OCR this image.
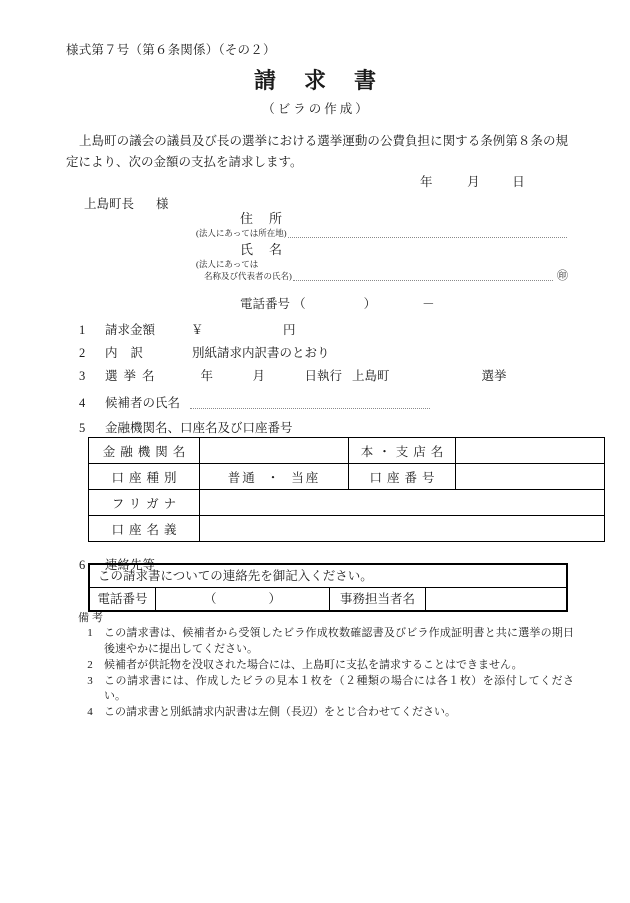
様式第７号（第６条関係）（その２）
請求書
（ビラの作成）
上島町の議会の議員及び長の選挙における選挙運動の公費負担に関する条例第８条の規定により、次の金額の支払を請求します。
年	月	日
上島町長 様
住所
(法人にあっては所在地)
氏名
(法人にあっては
名称及び代表者の氏名)	㊞
電話番号 （	）	－
1 請求金額	￥	円
2 内訳	別紙請求内訳書のとおり
3 選挙名	年	月	日執行 上島町	選挙
4	候補者の氏名
5 金融機関名、口座名及び口座番号
金融機関名		本・支店名	
口座種別	普通 ・ 当座	口座番号	
フリガナ			
口座名義			
6 連絡先等
この請求書についての連絡先を御記入ください。
電話番号	（	）	事務担当者名
備考
1	この請求書は、候補者から受領したビラ作成枚数確認書及びビラ作成証明書と共に選挙の期日後速やかに提出してください。
2	候補者が供託物を没収された場合には、上島町に支払を請求することはできません。
3	この請求書には、作成したビラの見本１枚を（２種類の場合には各１枚）を添付してください。
4	この請求書と別紙請求内訳書は左側（長辺）をとじ合わせてください。
